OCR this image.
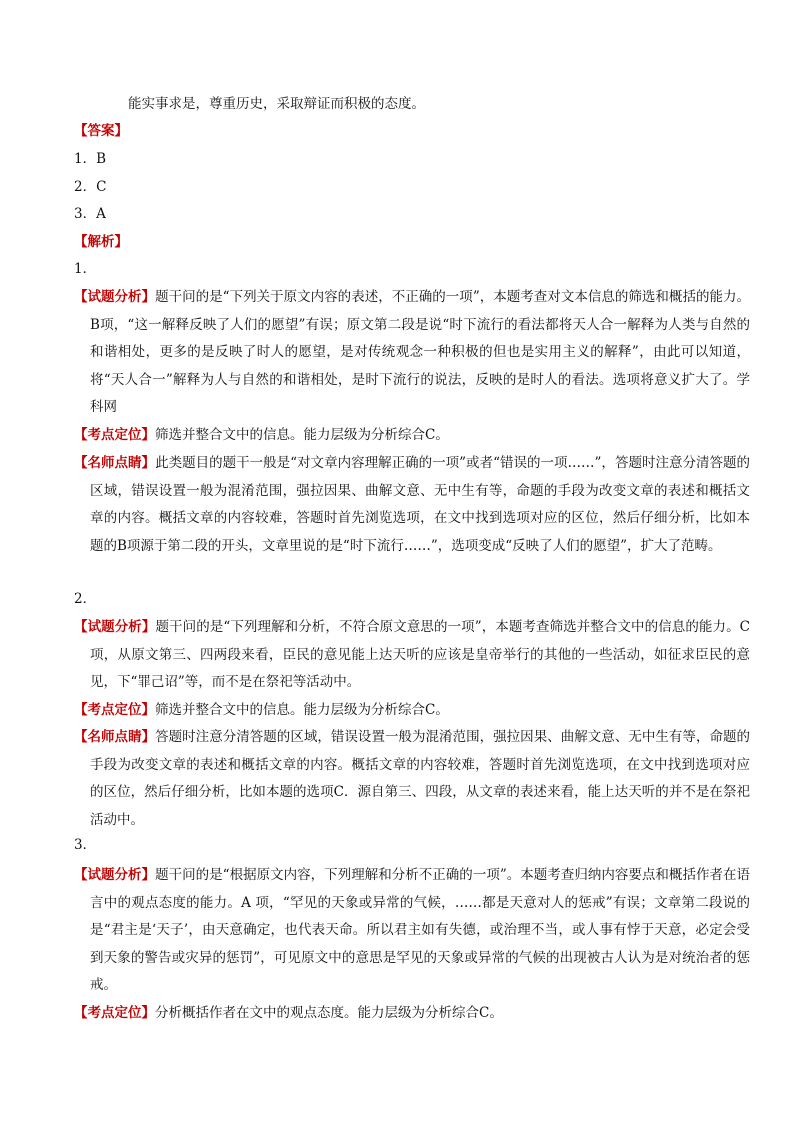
能实事求是，尊重历史，采取辩证而积极的态度。
【答案】
1．B
2．C
3．A
【解析】
1．
【试题分析】题干问的是“下列关于原文内容的表述，不正确的一项”，本题考查对文本信息的筛选和概括的能力。B项，“这一解释反映了人们的愿望”有误；原文第二段是说“时下流行的看法都将天人合一解释为人类与自然的和谐相处，更多的是反映了时人的愿望，是对传统观念一种积极的但也是实用主义的解释”，由此可以知道，将“天人合一”解释为人与自然的和谐相处，是时下流行的说法，反映的是时人的看法。选项将意义扩大了。学科网
【考点定位】筛选并整合文中的信息。能力层级为分析综合C。
【名师点睛】此类题目的题干一般是“对文章内容理解正确的一项”或者“错误的一项……”，答题时注意分清答题的区域，错误设置一般为混淆范围，强拉因果、曲解文意、无中生有等，命题的手段为改变文章的表述和概括文章的内容。概括文章的内容较难，答题时首先浏览选项，在文中找到选项对应的区位，然后仔细分析，比如本题的B项源于第二段的开头，文章里说的是“时下流行……”，选项变成“反映了人们的愿望”，扩大了范畴。
2．
【试题分析】题干问的是“下列理解和分析，不符合原文意思的一项”，本题考查筛选并整合文中的信息的能力。C项，从原文第三、四两段来看，臣民的意见能上达天听的应该是皇帝举行的其他的一些活动，如征求臣民的意见，下“罪己诏”等，而不是在祭祀等活动中。
【考点定位】筛选并整合文中的信息。能力层级为分析综合C。
【名师点睛】答题时注意分清答题的区域，错误设置一般为混淆范围，强拉因果、曲解文意、无中生有等，命题的手段为改变文章的表述和概括文章的内容。概括文章的内容较难，答题时首先浏览选项，在文中找到选项对应的区位，然后仔细分析，比如本题的选项C．源自第三、四段，从文章的表述来看，能上达天听的并不是在祭祀活动中。
3．
【试题分析】题干问的是“根据原文内容，下列理解和分析不正确的一项”。本题考查归纳内容要点和概括作者在语言中的观点态度的能力。A 项，“罕见的天象或异常的气候，……都是天意对人的惩戒”有误；文章第二段说的是“君主是‘天子’，由天意确定，也代表天命。所以君主如有失德，或治理不当，或人事有悖于天意，必定会受到天象的警告或灾异的惩罚”，可见原文中的意思是罕见的天象或异常的气候的出现被古人认为是对统治者的惩戒。
【考点定位】分析概括作者在文中的观点态度。能力层级为分析综合C。
